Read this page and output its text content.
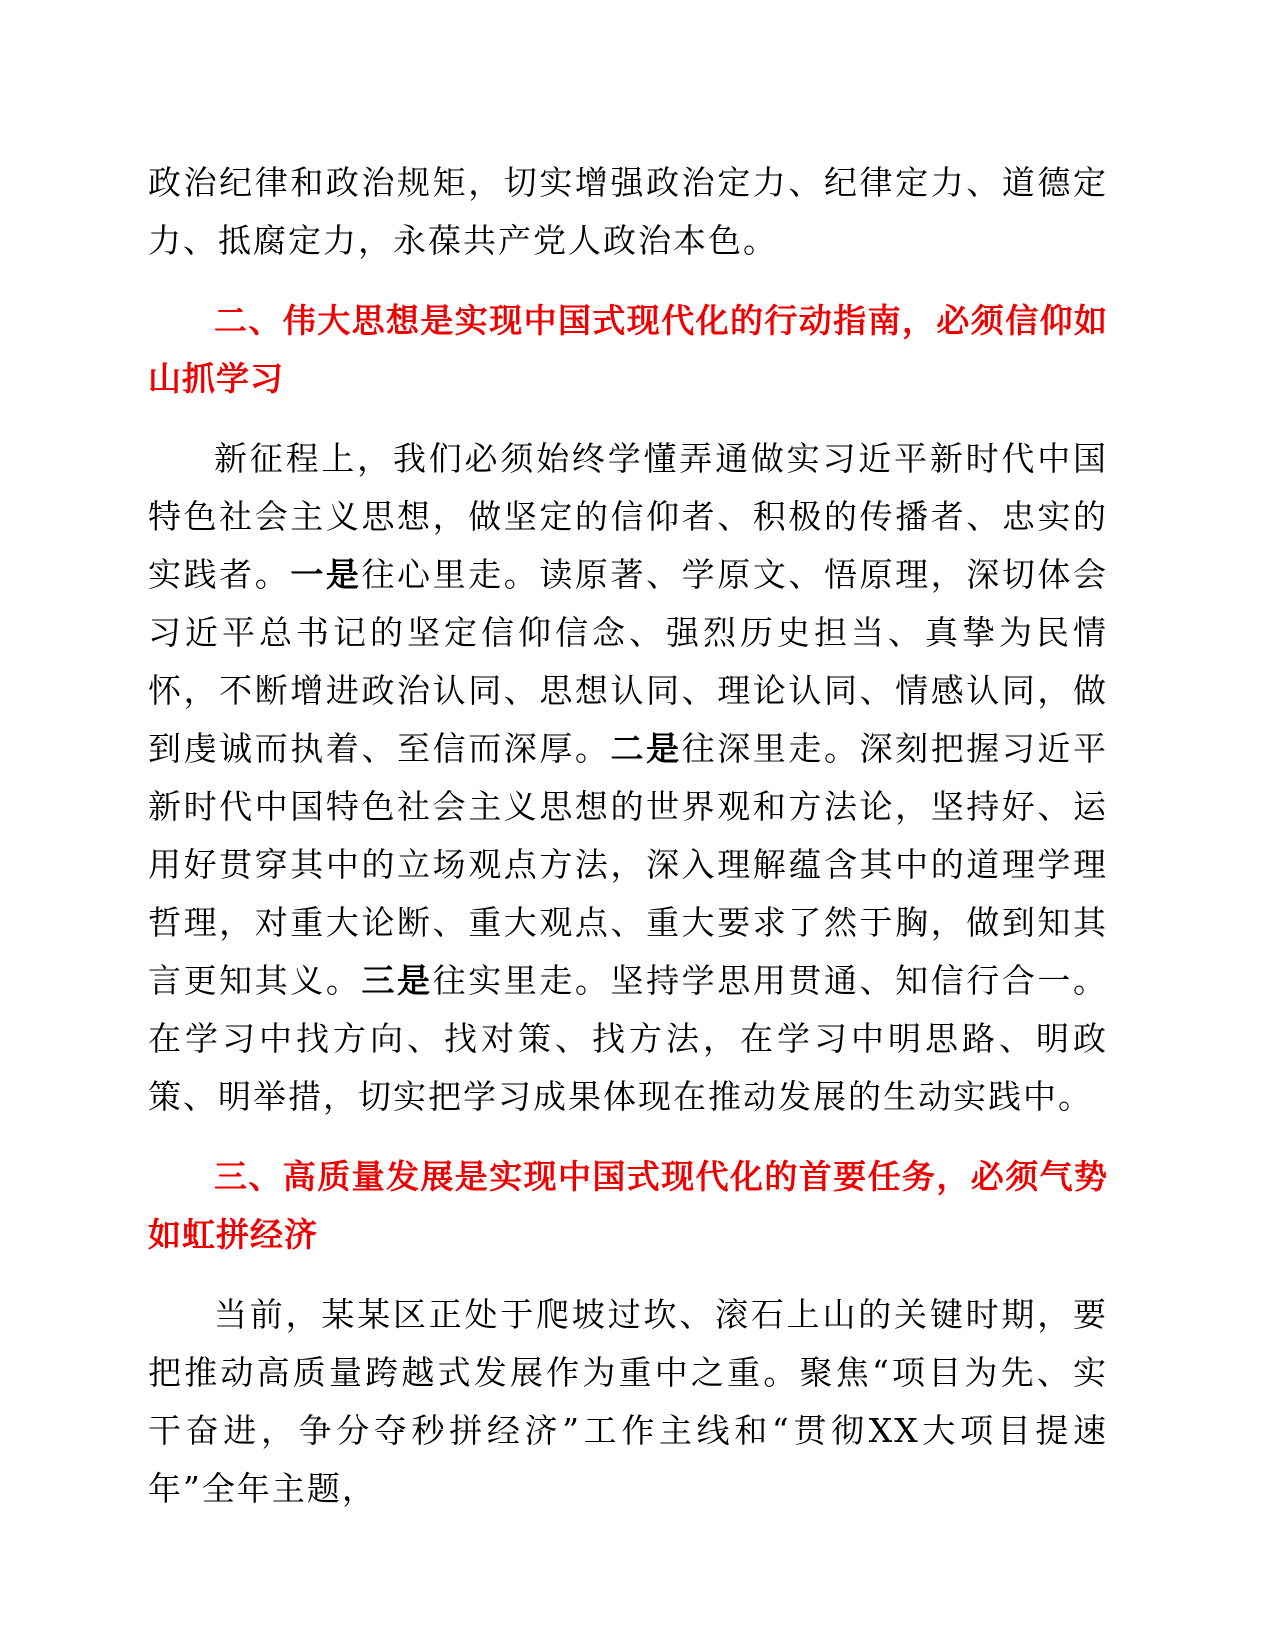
政治纪律和政治规矩，切实增强政治定力、纪律定力、道德定力、抵腐定力，永葆共产党人政治本色。

二、伟大思想是实现中国式现代化的行动指南，必须信仰如山抓学习

新征程上，我们必须始终学懂弄通做实习近平新时代中国特色社会主义思想，做坚定的信仰者、积极的传播者、忠实的实践者。一是往心里走。读原著、学原文、悟原理，深切体会习近平总书记的坚定信仰信念、强烈历史担当、真挚为民情怀，不断增进政治认同、思想认同、理论认同、情感认同，做到虔诚而执着、至信而深厚。二是往深里走。深刻把握习近平新时代中国特色社会主义思想的世界观和方法论，坚持好、运用好贯穿其中的立场观点方法，深入理解蕴含其中的道理学理哲理，对重大论断、重大观点、重大要求了然于胸，做到知其言更知其义。三是往实里走。坚持学思用贯通、知信行合一。在学习中找方向、找对策、找方法，在学习中明思路、明政策、明举措，切实把学习成果体现在推动发展的生动实践中。

三、高质量发展是实现中国式现代化的首要任务，必须气势如虹拼经济

当前，某某区正处于爬坡过坎、滚石上山的关键时期，要把推动高质量跨越式发展作为重中之重。聚焦“项目为先、实干奋进，争分夺秒拼经济”工作主线和“贯彻XX大项目提速年”全年主题，
